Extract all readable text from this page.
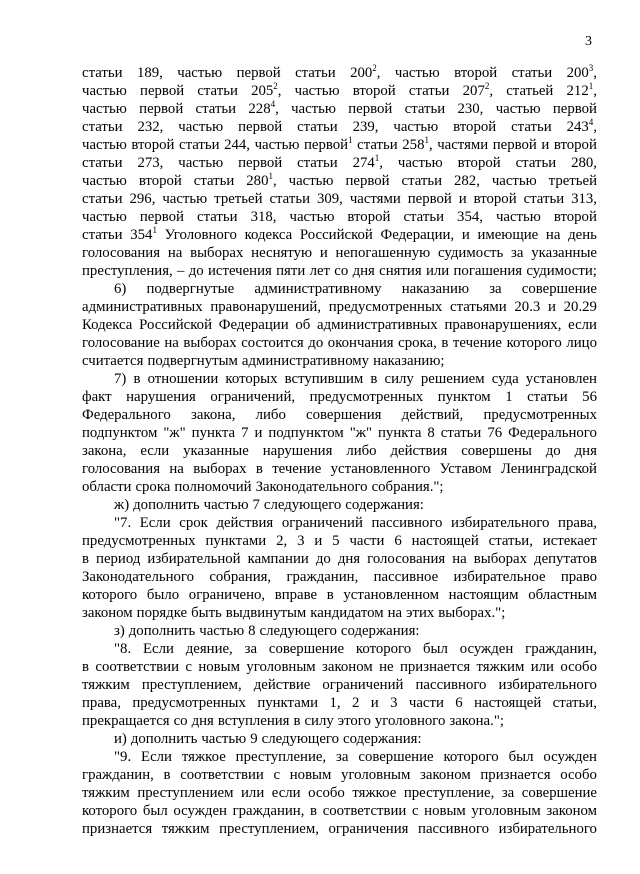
3
статьи 189, частью первой статьи $200^2$, частью второй статьи $200^3$,
частью первой статьи $205^2$, частью второй статьи $207^2$, статьей $212^1$,
частью первой статьи $228^4$, частью первой статьи 230, частью первой
статьи 232, частью первой статьи 239, частью второй статьи $243^4$,
частью второй статьи 244, частью первой$^1$ статьи $258^1$, частями первой и второй
статьи 273, частью первой статьи $274^1$, частью второй статьи 280,
частью второй статьи $280^1$, частью первой статьи 282, частью третьей
статьи 296, частью третьей статьи 309, частями первой и второй статьи 313,
частью первой статьи 318, частью второй статьи 354, частью второй
статьи $354^1$ Уголовного кодекса Российской Федерации, и имеющие на день
голосования на выборах неснятую и непогашенную судимость за указанные
преступления, – до истечения пяти лет со дня снятия или погашения судимости;
6) подвергнутые административному наказанию за совершение
административных правонарушений, предусмотренных статьями 20.3 и 20.29
Кодекса Российской Федерации об административных правонарушениях, если
голосование на выборах состоится до окончания срока, в течение которого лицо
считается подвергнутым административному наказанию;
7) в отношении которых вступившим в силу решением суда установлен
факт нарушения ограничений, предусмотренных пунктом 1 статьи 56
Федерального закона, либо совершения действий, предусмотренных
подпунктом "ж" пункта 7 и подпунктом "ж" пункта 8 статьи 76 Федерального
закона, если указанные нарушения либо действия совершены до дня
голосования на выборах в течение установленного Уставом Ленинградской
области срока полномочий Законодательного собрания.";
ж) дополнить частью 7 следующего содержания:
"7. Если срок действия ограничений пассивного избирательного права,
предусмотренных пунктами 2, 3 и 5 части 6 настоящей статьи, истекает
в период избирательной кампании до дня голосования на выборах депутатов
Законодательного собрания, гражданин, пассивное избирательное право
которого было ограничено, вправе в установленном настоящим областным
законом порядке быть выдвинутым кандидатом на этих выборах.";
з) дополнить частью 8 следующего содержания:
"8. Если деяние, за совершение которого был осужден гражданин,
в соответствии с новым уголовным законом не признается тяжким или особо
тяжким преступлением, действие ограничений пассивного избирательного
права, предусмотренных пунктами 1, 2 и 3 части 6 настоящей статьи,
прекращается со дня вступления в силу этого уголовного закона.";
и) дополнить частью 9 следующего содержания:
"9. Если тяжкое преступление, за совершение которого был осужден
гражданин, в соответствии с новым уголовным законом признается особо
тяжким преступлением или если особо тяжкое преступление, за совершение
которого был осужден гражданин, в соответствии с новым уголовным законом
признается тяжким преступлением, ограничения пассивного избирательного
